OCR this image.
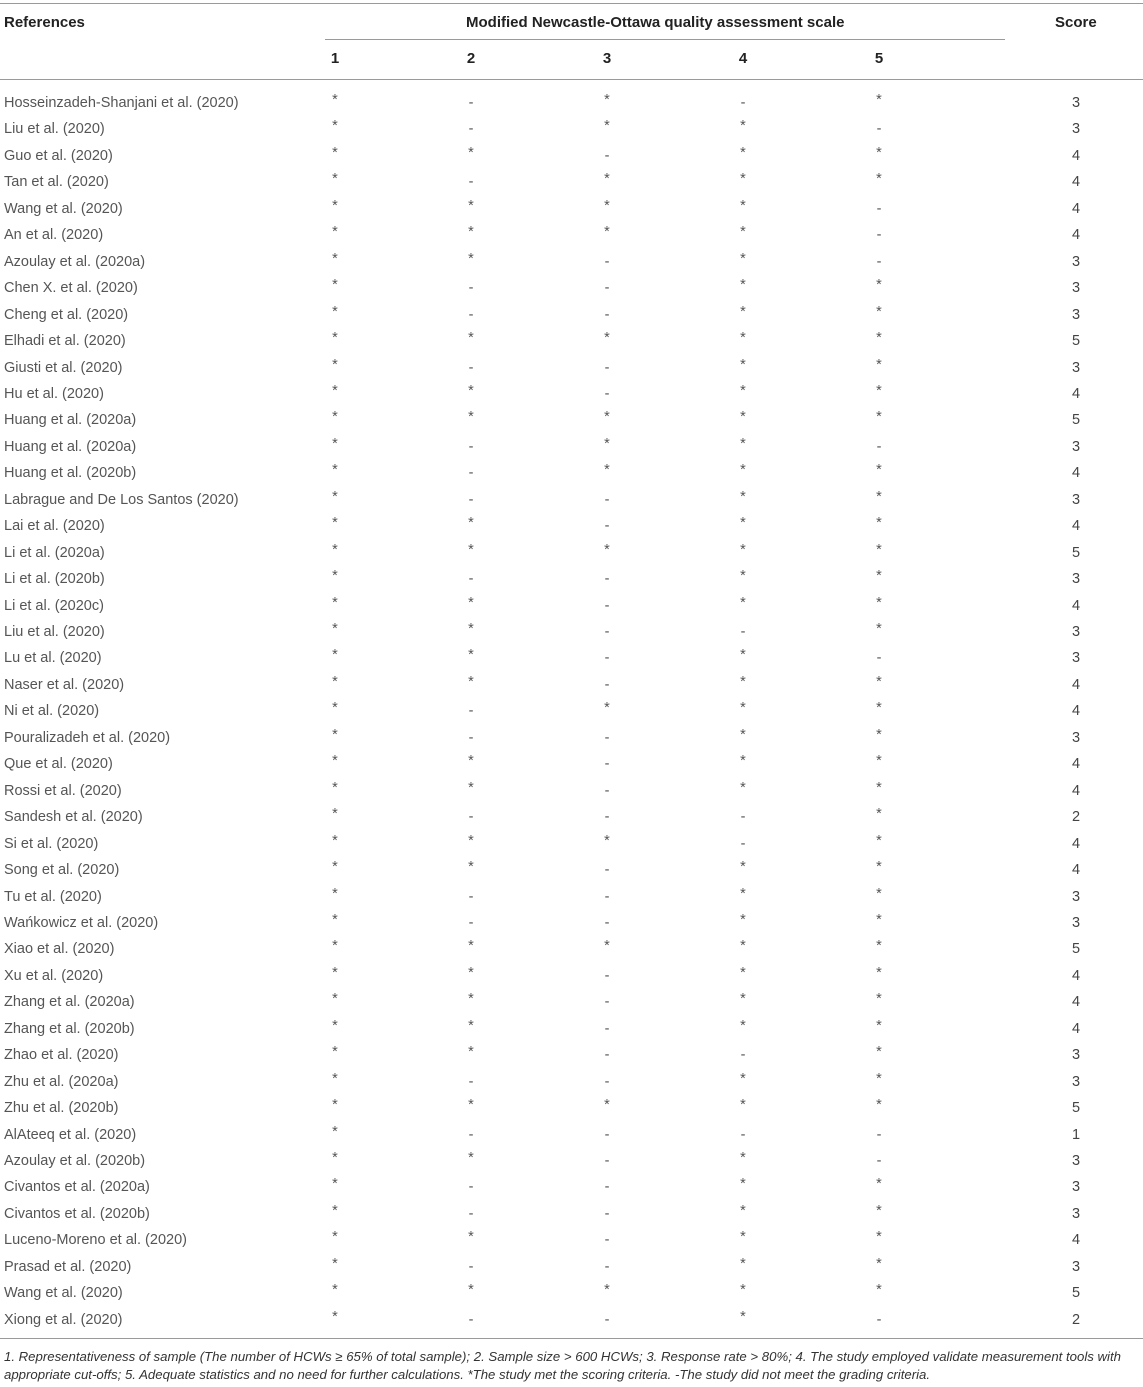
References	Modified Newcastle-Ottawa quality assessment scale	Score
1	2	3	4	5
Hosseinzadeh-Shanjani et al. (2020)	*	-	*	-	*	3
Liu et al. (2020)	*	-	*	*	-	3
Guo et al. (2020)	*	*	-	*	*	4
Tan et al. (2020)	*	-	*	*	*	4
Wang et al. (2020)	*	*	*	*	-	4
An et al. (2020)	*	*	*	*	-	4
Azoulay et al. (2020a)	*	*	-	*	-	3
Chen X. et al. (2020)	*	-	-	*	*	3
Cheng et al. (2020)	*	-	-	*	*	3
Elhadi et al. (2020)	*	*	*	*	*	5
Giusti et al. (2020)	*	-	-	*	*	3
Hu et al. (2020)	*	*	-	*	*	4
Huang et al. (2020a)	*	*	*	*	*	5
Huang et al. (2020a)	*	-	*	*	-	3
Huang et al. (2020b)	*	-	*	*	*	4
Labrague and De Los Santos (2020)	*	-	-	*	*	3
Lai et al. (2020)	*	*	-	*	*	4
Li et al. (2020a)	*	*	*	*	*	5
Li et al. (2020b)	*	-	-	*	*	3
Li et al. (2020c)	*	*	-	*	*	4
Liu et al. (2020)	*	*	-	-	*	3
Lu et al. (2020)	*	*	-	*	-	3
Naser et al. (2020)	*	*	-	*	*	4
Ni et al. (2020)	*	-	*	*	*	4
Pouralizadeh et al. (2020)	*	-	-	*	*	3
Que et al. (2020)	*	*	-	*	*	4
Rossi et al. (2020)	*	*	-	*	*	4
Sandesh et al. (2020)	*	-	-	-	*	2
Si et al. (2020)	*	*	*	-	*	4
Song et al. (2020)	*	*	-	*	*	4
Tu et al. (2020)	*	-	-	*	*	3
Wańkowicz et al. (2020)	*	-	-	*	*	3
Xiao et al. (2020)	*	*	*	*	*	5
Xu et al. (2020)	*	*	-	*	*	4
Zhang et al. (2020a)	*	*	-	*	*	4
Zhang et al. (2020b)	*	*	-	*	*	4
Zhao et al. (2020)	*	*	-	-	*	3
Zhu et al. (2020a)	*	-	-	*	*	3
Zhu et al. (2020b)	*	*	*	*	*	5
AlAteeq et al. (2020)	*	-	-	-	-	1
Azoulay et al. (2020b)	*	*	-	*	-	3
Civantos et al. (2020a)	*	-	-	*	*	3
Civantos et al. (2020b)	*	-	-	*	*	3
Luceno-Moreno et al. (2020)	*	*	-	*	*	4
Prasad et al. (2020)	*	-	-	*	*	3
Wang et al. (2020)	*	*	*	*	*	5
Xiong et al. (2020)	*	-	-	*	-	2
1. Representativeness of sample (The number of HCWs ≥ 65% of total sample); 2. Sample size > 600 HCWs; 3. Response rate > 80%; 4. The study employed validate measurement tools with appropriate cut-offs; 5. Adequate statistics and no need for further calculations. *The study met the scoring criteria. -The study did not meet the grading criteria.
